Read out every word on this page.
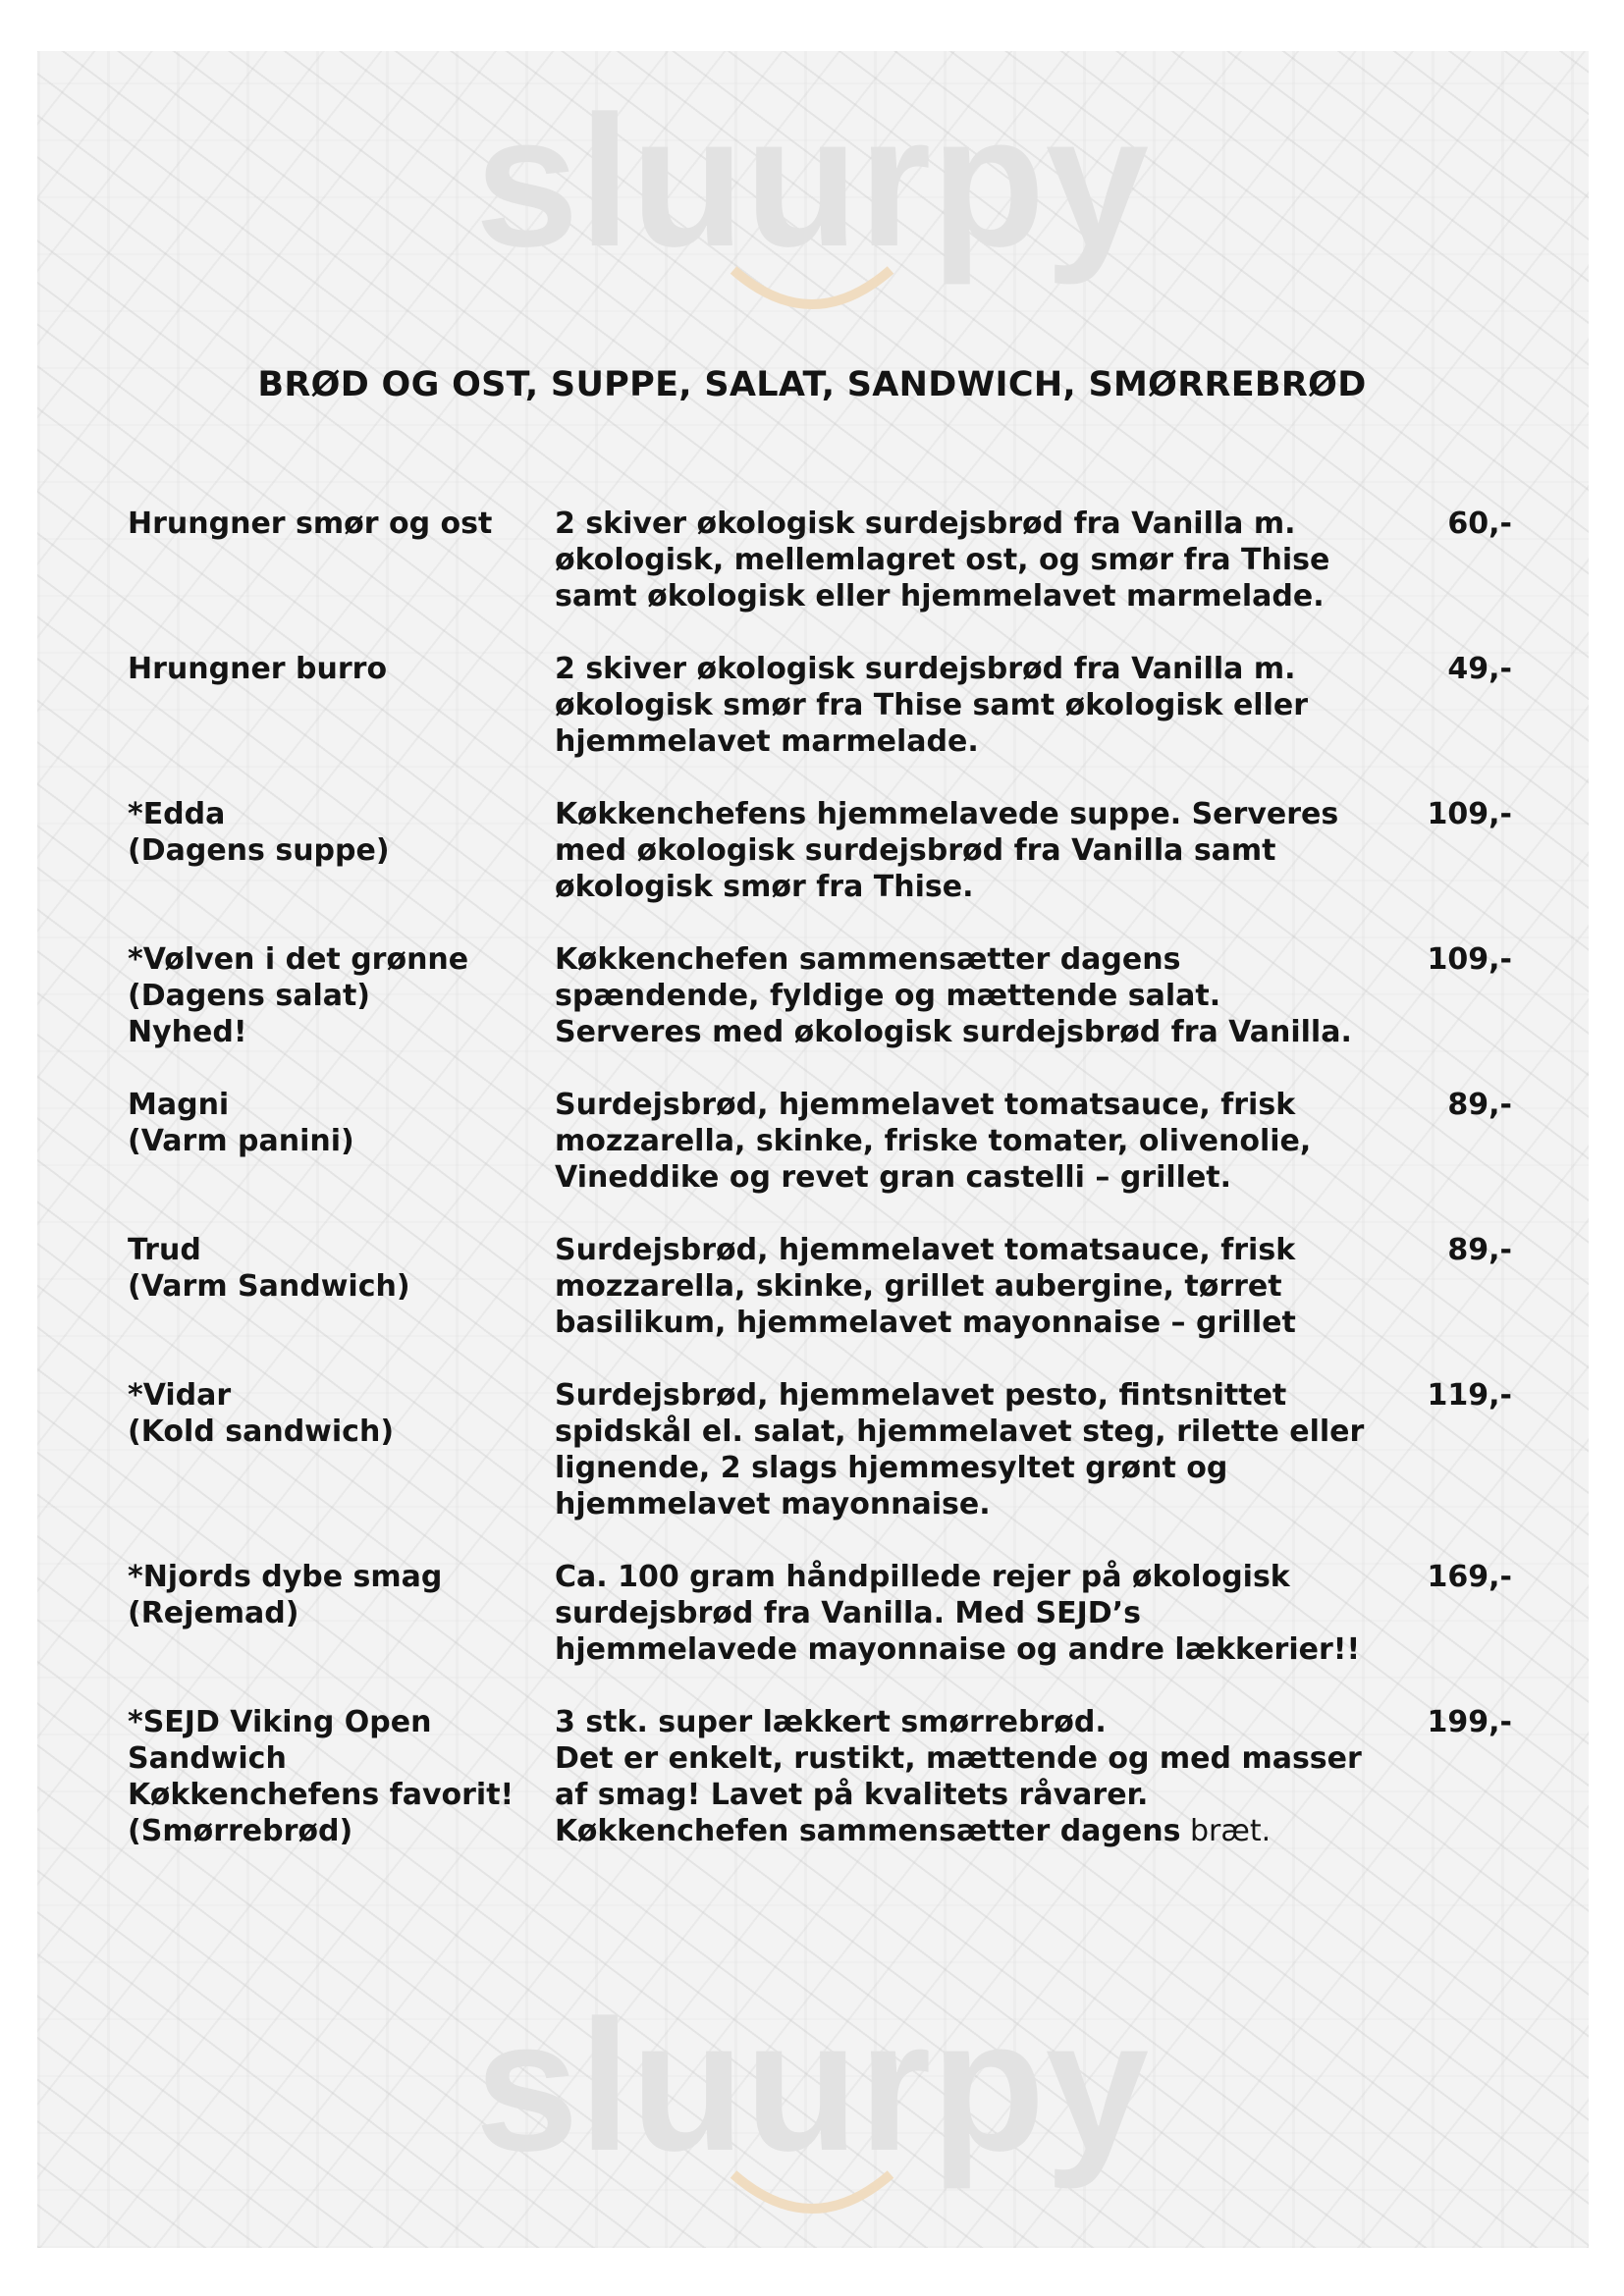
sluurpy
sluurpy
BRØD OG OST, SUPPE, SALAT, SANDWICH, SMØRREBRØD
Hrungner smør og ost	2 skiver økologisk surdejsbrød fra Vanilla m.
økologisk, mellemlagret ost, og smør fra Thise
samt økologisk eller hjemmelavet marmelade.
60,-
Hrungner burro	2 skiver økologisk surdejsbrød fra Vanilla m.
økologisk smør fra Thise samt økologisk eller
hjemmelavet marmelade.
49,-
*Edda
(Dagens suppe)
Køkkenchefens hjemmelavede suppe. Serveres
med økologisk surdejsbrød fra Vanilla samt
økologisk smør fra Thise.
109,-
*Vølven i det grønne
(Dagens salat)
Nyhed!
Køkkenchefen sammensætter dagens
spændende, fyldige og mættende salat.
Serveres med økologisk surdejsbrød fra Vanilla.
109,-
Magni
(Varm panini)
Surdejsbrød, hjemmelavet tomatsauce, frisk
mozzarella, skinke, friske tomater, olivenolie,
Vineddike og revet gran castelli – grillet.
89,-
Trud
(Varm Sandwich)
Surdejsbrød, hjemmelavet tomatsauce, frisk
mozzarella, skinke, grillet aubergine, tørret
basilikum, hjemmelavet mayonnaise – grillet
89,-
*Vidar
(Kold sandwich)
Surdejsbrød, hjemmelavet pesto, fintsnittet
spidskål el. salat, hjemmelavet steg, rilette eller
lignende, 2 slags hjemmesyltet grønt og
hjemmelavet mayonnaise.
119,-
*Njords dybe smag
(Rejemad)
Ca. 100 gram håndpillede rejer på økologisk
surdejsbrød fra Vanilla. Med SEJD’s
hjemmelavede mayonnaise og andre lækkerier!!
169,-
*SEJD Viking Open
Sandwich
Køkkenchefens favorit!
(Smørrebrød)
3 stk. super lækkert smørrebrød.
Det er enkelt, rustikt, mættende og med masser
af smag! Lavet på kvalitets råvarer.
Køkkenchefen sammensætter dagens bræt.
199,-
